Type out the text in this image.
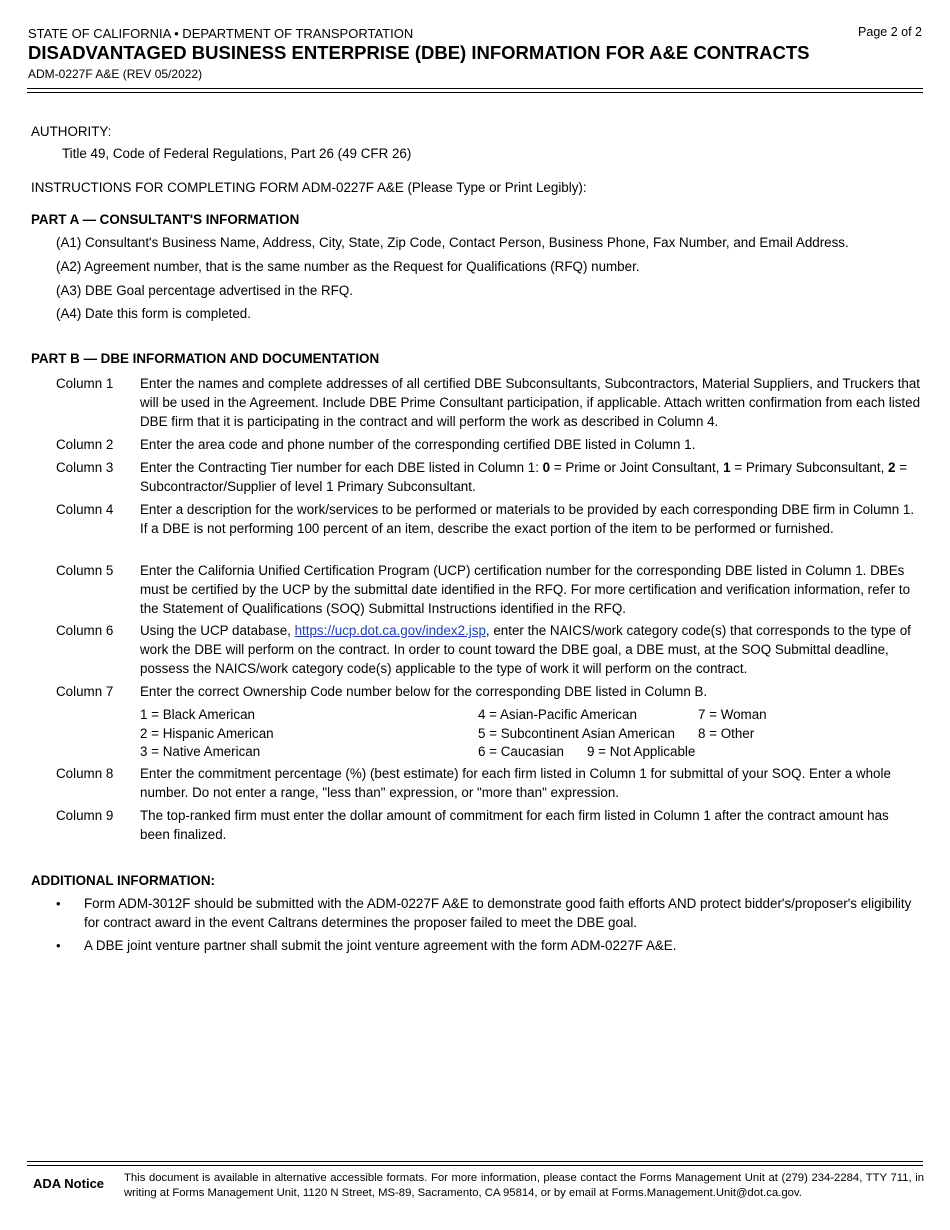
STATE OF CALIFORNIA • DEPARTMENT OF TRANSPORTATION
DISADVANTAGED BUSINESS ENTERPRISE (DBE) INFORMATION FOR A&E CONTRACTS
ADM-0227F A&E (REV 05/2022)
Page 2 of 2
AUTHORITY:
Title 49, Code of Federal Regulations, Part 26 (49 CFR 26)
INSTRUCTIONS FOR COMPLETING FORM ADM-0227F A&E (Please Type or Print Legibly):
PART A — CONSULTANT'S INFORMATION
(A1) Consultant's Business Name, Address, City, State, Zip Code, Contact Person, Business Phone, Fax Number, and Email Address.
(A2) Agreement number, that is the same number as the Request for Qualifications (RFQ) number.
(A3) DBE Goal percentage advertised in the RFQ.
(A4) Date this form is completed.
PART B — DBE INFORMATION AND DOCUMENTATION
Column 1 Enter the names and complete addresses of all certified DBE Subconsultants, Subcontractors, Material Suppliers, and Truckers that will be used in the Agreement. Include DBE Prime Consultant participation, if applicable. Attach written confirmation from each listed DBE firm that it is participating in the contract and will perform the work as described in Column 4.
Column 2 Enter the area code and phone number of the corresponding certified DBE listed in Column 1.
Column 3 Enter the Contracting Tier number for each DBE listed in Column 1: 0 = Prime or Joint Consultant, 1 = Primary Subconsultant, 2 = Subcontractor/Supplier of level 1 Primary Subconsultant.
Column 4 Enter a description for the work/services to be performed or materials to be provided by each corresponding DBE firm in Column 1. If a DBE is not performing 100 percent of an item, describe the exact portion of the item to be performed or furnished.
Column 5 Enter the California Unified Certification Program (UCP) certification number for the corresponding DBE listed in Column 1. DBEs must be certified by the UCP by the submittal date identified in the RFQ. For more certification and verification information, refer to the Statement of Qualifications (SOQ) Submittal Instructions identified in the RFQ.
Column 6 Using the UCP database, https://ucp.dot.ca.gov/index2.jsp, enter the NAICS/work category code(s) that corresponds to the type of work the DBE will perform on the contract. In order to count toward the DBE goal, a DBE must, at the SOQ Submittal deadline, possess the NAICS/work category code(s) applicable to the type of work it will perform on the contract.
Column 7 Enter the correct Ownership Code number below for the corresponding DBE listed in Column B.
1 = Black American
2 = Hispanic American
3 = Native American
4 = Asian-Pacific American
5 = Subcontinent Asian American
6 = Caucasian
7 = Woman
8 = Other
9 = Not Applicable
Column 8 Enter the commitment percentage (%) (best estimate) for each firm listed in Column 1 for submittal of your SOQ. Enter a whole number. Do not enter a range, "less than" expression, or "more than" expression.
Column 9 The top-ranked firm must enter the dollar amount of commitment for each firm listed in Column 1 after the contract amount has been finalized.
ADDITIONAL INFORMATION:
• Form ADM-3012F should be submitted with the ADM-0227F A&E to demonstrate good faith efforts AND protect bidder's/proposer's eligibility for contract award in the event Caltrans determines the proposer failed to meet the DBE goal.
• A DBE joint venture partner shall submit the joint venture agreement with the form ADM-0227F A&E.
ADA Notice This document is available in alternative accessible formats. For more information, please contact the Forms Management Unit at (279) 234-2284, TTY 711, in writing at Forms Management Unit, 1120 N Street, MS-89, Sacramento, CA 95814, or by email at Forms.Management.Unit@dot.ca.gov.
